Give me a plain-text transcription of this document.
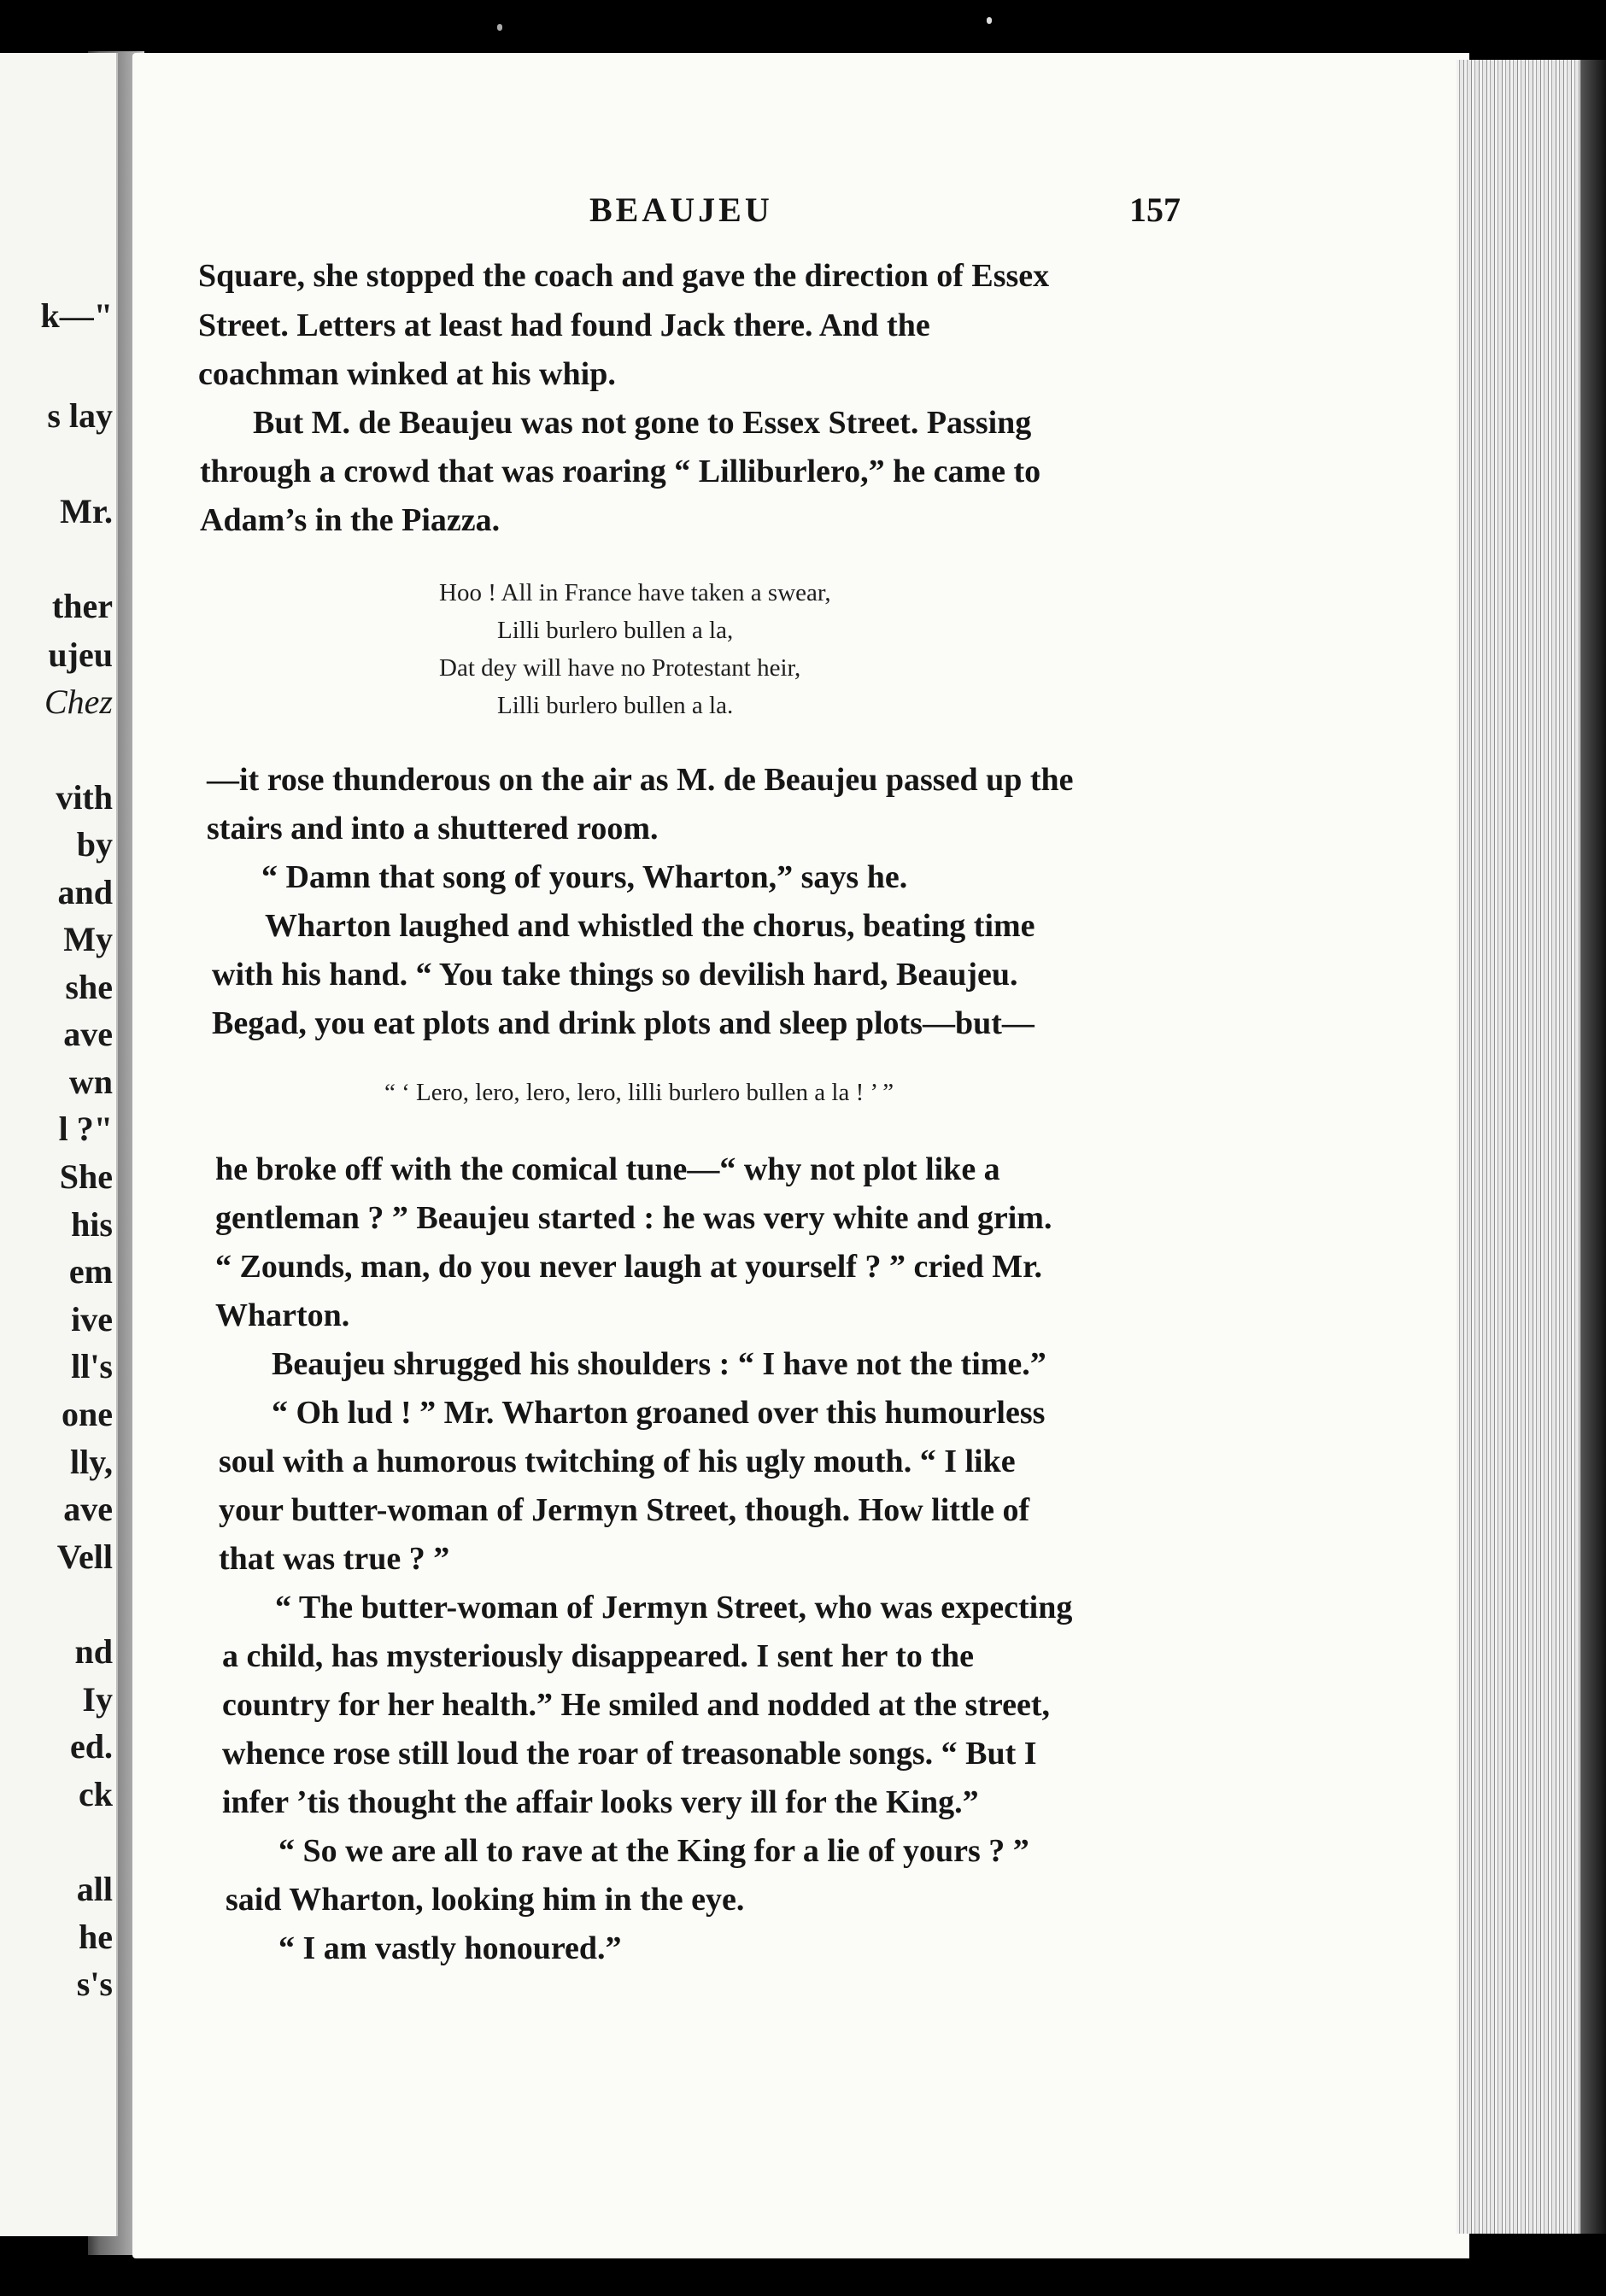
k—"
s lay
Mr.
ther
ujeu
Chez
vith
by
and
My
she
ave
wn
l ?"
She
his
em
ive
ll's
one
lly,
ave
Vell
nd
Iy
ed.
ck
all
he
s's
BEAUJEU	157

Square, she stopped the coach and gave the direction of Essex

Street. Letters at least had found Jack there. And the

coachman winked at his whip.

But M. de Beaujeu was not gone to Essex Street. Passing

through a crowd that was roaring “ Lilliburlero,” he came to

Adam’s in the Piazza.

Hoo ! All in France have taken a swear,

Lilli burlero bullen a la,

Dat dey will have no Protestant heir,

Lilli burlero bullen a la.

—it rose thunderous on the air as M. de Beaujeu passed up the

stairs and into a shuttered room.

“ Damn that song of yours, Wharton,” says he.

Wharton laughed and whistled the chorus, beating time

with his hand. “ You take things so devilish hard, Beaujeu.

Begad, you eat plots and drink plots and sleep plots—but—

“ ‘ Lero, lero, lero, lero, lilli burlero bullen a la ! ’ ”

he broke off with the comical tune—“ why not plot like a

gentleman ? ” Beaujeu started : he was very white and grim.

“ Zounds, man, do you never laugh at yourself ? ” cried Mr.

Wharton.

Beaujeu shrugged his shoulders : “ I have not the time.”

“ Oh lud ! ” Mr. Wharton groaned over this humourless

soul with a humorous twitching of his ugly mouth. “ I like

your butter-woman of Jermyn Street, though. How little of

that was true ? ”

“ The butter-woman of Jermyn Street, who was expecting

a child, has mysteriously disappeared. I sent her to the

country for her health.” He smiled and nodded at the street,

whence rose still loud the roar of treasonable songs. “ But I

infer ’tis thought the affair looks very ill for the King.”

“ So we are all to rave at the King for a lie of yours ? ”

said Wharton, looking him in the eye.

“ I am vastly honoured.”
